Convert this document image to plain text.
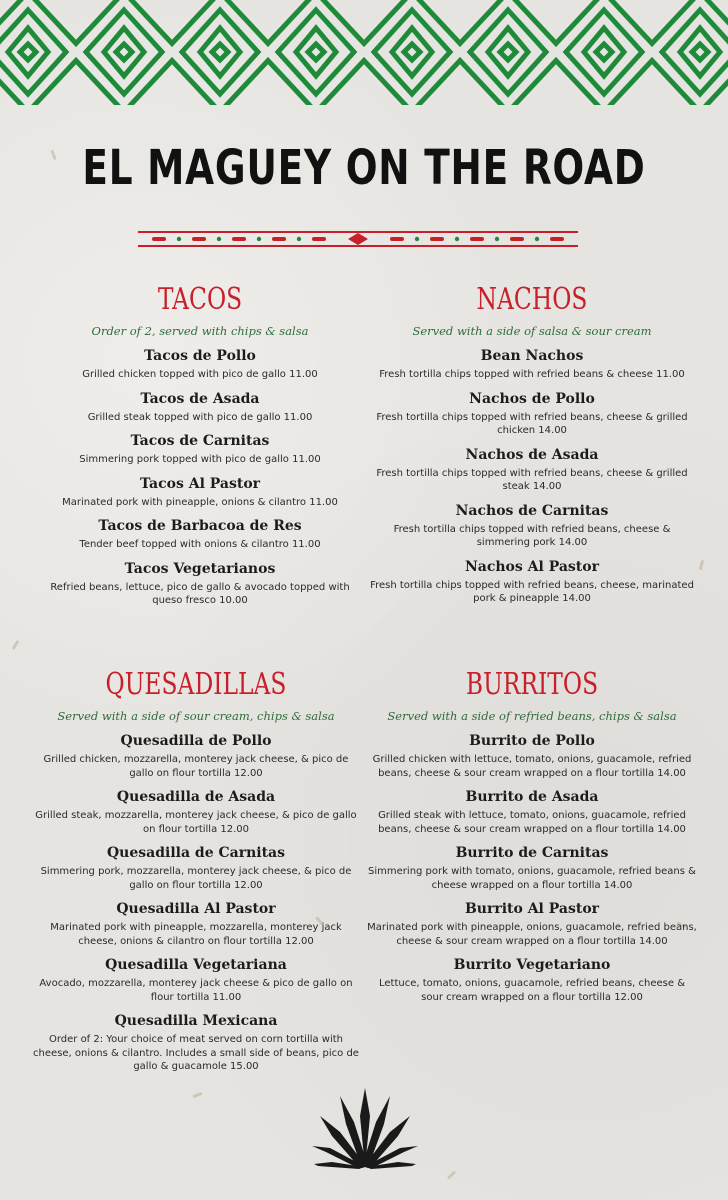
EL MAGUEY ON THE ROAD
TACOS
Order of 2, served with chips & salsa
Tacos de Pollo
Grilled chicken topped with pico de gallo 11.00
Tacos de Asada
Grilled steak topped with pico de gallo 11.00
Tacos de Carnitas
Simmering pork topped with pico de gallo 11.00
Tacos Al Pastor
Marinated pork with pineapple, onions & cilantro 11.00
Tacos de Barbacoa de Res
Tender beef topped with onions & cilantro 11.00
Tacos Vegetarianos
Refried beans, lettuce, pico de gallo & avocado topped with queso fresco 10.00
NACHOS
Served with a side of salsa & sour cream
Bean Nachos
Fresh tortilla chips topped with refried beans & cheese 11.00
Nachos de Pollo
Fresh tortilla chips topped with refried beans, cheese & grilled chicken 14.00
Nachos de Asada
Fresh tortilla chips topped with refried beans, cheese & grilled steak 14.00
Nachos de Carnitas
Fresh tortilla chips topped with refried beans, cheese & simmering pork 14.00
Nachos Al Pastor
Fresh tortilla chips topped with refried beans, cheese, marinated pork & pineapple 14.00
QUESADILLAS
Served with a side of sour cream, chips & salsa
Quesadilla de Pollo
Grilled chicken, mozzarella, monterey jack cheese, & pico de gallo on flour tortilla 12.00
Quesadilla de Asada
Grilled steak, mozzarella, monterey jack cheese, & pico de gallo on flour tortilla 12.00
Quesadilla de Carnitas
Simmering pork, mozzarella, monterey jack cheese, & pico de gallo on flour tortilla 12.00
Quesadilla Al Pastor
Marinated pork with pineapple, mozzarella, monterey jack cheese, onions & cilantro on flour tortilla 12.00
Quesadilla Vegetariana
Avocado, mozzarella, monterey jack cheese & pico de gallo on flour tortilla 11.00
Quesadilla Mexicana
Order of 2: Your choice of meat served on corn tortilla with cheese, onions & cilantro. Includes a small side of beans, pico de gallo & guacamole 15.00
BURRITOS
Served with a side of refried beans, chips & salsa
Burrito de Pollo
Grilled chicken with lettuce, tomato, onions, guacamole, refried beans, cheese & sour cream wrapped on a flour tortilla 14.00
Burrito de Asada
Grilled steak with lettuce, tomato, onions, guacamole, refried beans, cheese & sour cream wrapped on a flour tortilla 14.00
Burrito de Carnitas
Simmering pork with tomato, onions, guacamole, refried beans & cheese wrapped on a flour tortilla 14.00
Burrito Al Pastor
Marinated pork with pineapple, onions, guacamole, refried beans, cheese & sour cream wrapped on a flour tortilla 14.00
Burrito Vegetariano
Lettuce, tomato, onions, guacamole, refried beans, cheese & sour cream wrapped on a flour tortilla 12.00
